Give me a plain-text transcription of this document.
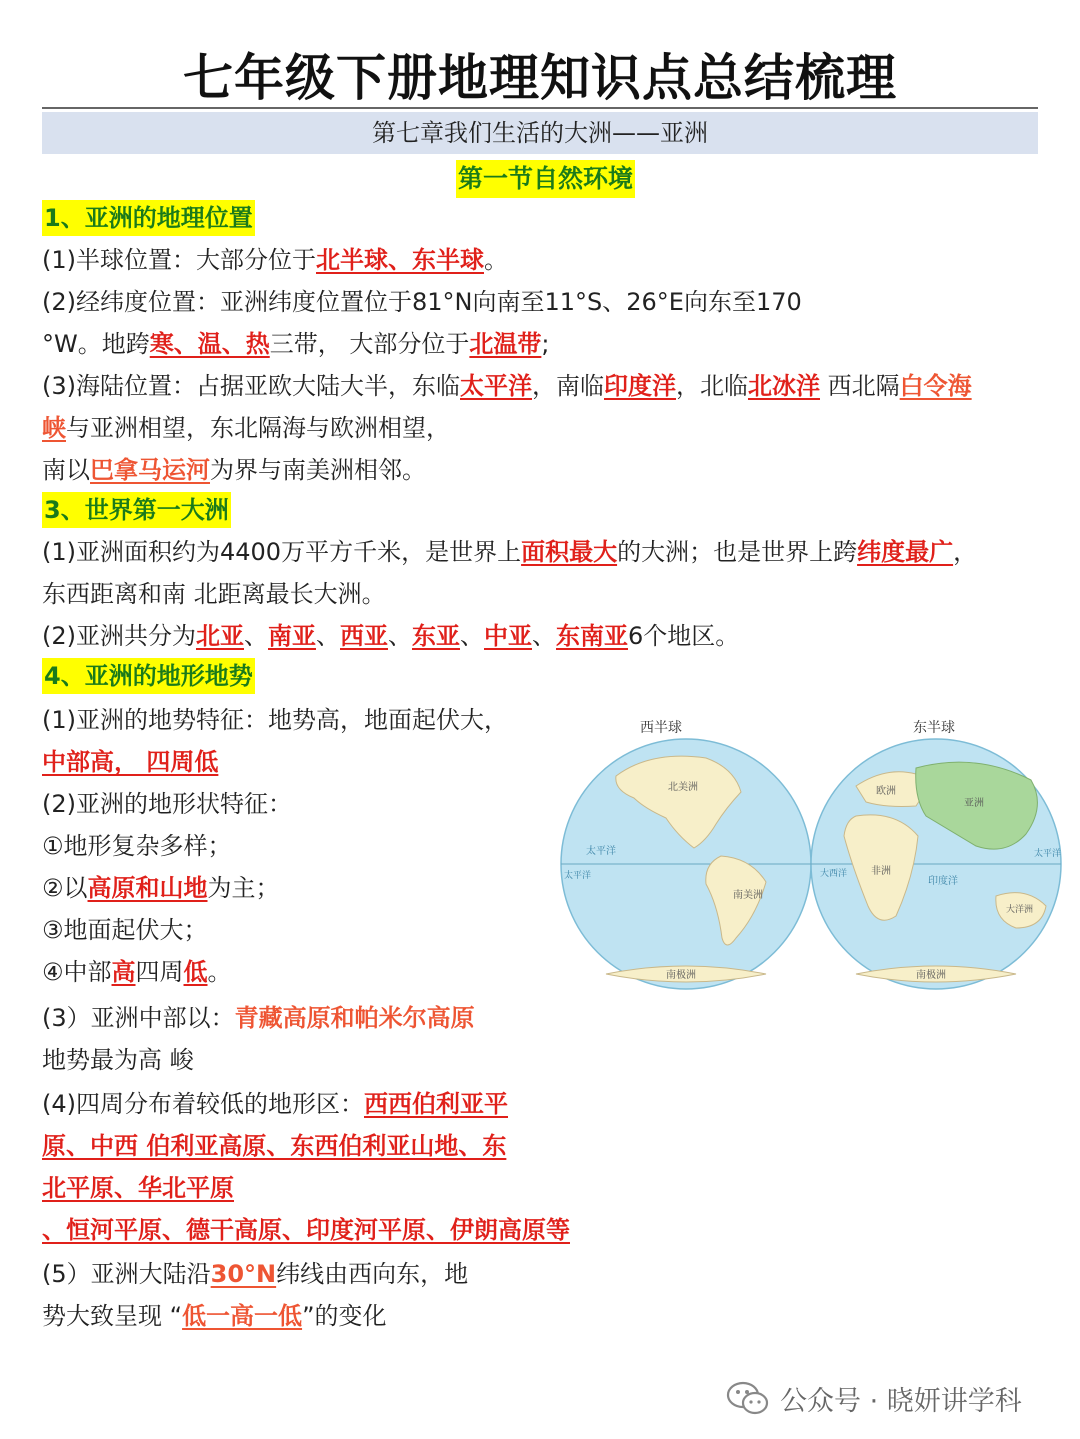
七年级下册地理知识点总结梳理
第七章我们生活的大洲——亚洲
第一节自然环境
1、亚洲的地理位置
(1)半球位置：大部分位于北半球、东半球。
(2)经纬度位置：亚洲纬度位置位于81°N向南至11°S、26°E向东至170
°W。地跨寒、温、热三带， 大部分位于北温带;
(3)海陆位置：占据亚欧大陆大半，东临太平洋，南临印度洋，北临北冰洋 西北隔白令海
峡与亚洲相望，东北隔海与欧洲相望，
南以巴拿马运河为界与南美洲相邻。
3、世界第一大洲
(1)亚洲面积约为4400万平方千米，是世界上面积最大的大洲；也是世界上跨纬度最广，
东西距离和南 北距离最长大洲。
(2)亚洲共分为北亚、南亚、西亚、东亚、中亚、东南亚6个地区。
4、亚洲的地形地势
(1)亚洲的地势特征：地势高，地面起伏大，
中部高， 四周低
(2)亚洲的地形状特征：
①地形复杂多样；
②以高原和山地为主；
③地面起伏大；
④中部高四周低。
(3）亚洲中部以：青藏高原和帕米尔高原
地势最为高 峻
(4)四周分布着较低的地形区：西西伯利亚平
原、中西 伯利亚高原、东西伯利亚山地、东
北平原、华北平原
、恒河平原、德干高原、印度河平原、伊朗高原等
(5）亚洲大陆沿30°N纬线由西向东，地
势大致呈现 “低一高一低”的变化
西半球	东半球
北美洲
南美洲
南极洲
太平洋
太平洋
欧洲
亚洲
非洲
印度洋
大洋洲
大西洋
太平洋
南极洲
公众号 · 晓妍讲学科
